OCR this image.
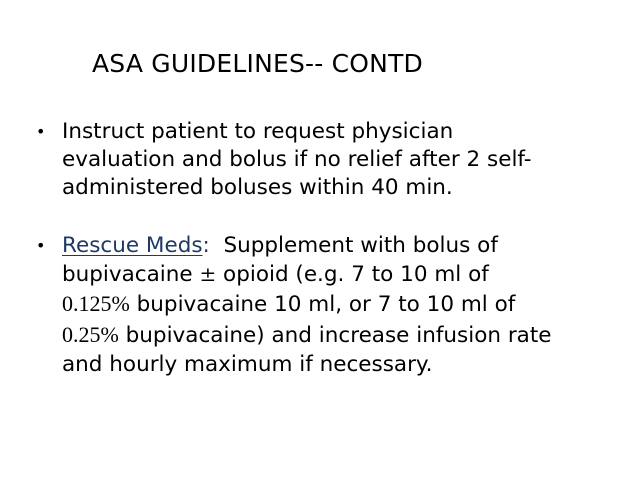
ASA GUIDELINES-- CONTD
• Instruct patient to request physician
evaluation and bolus if no relief after 2 self-
administered boluses within 40 min.
• Rescue Meds:  Supplement with bolus of
bupivacaine ± opioid (e.g. 7 to 10 ml of
0.125% bupivacaine 10 ml, or 7 to 10 ml of
0.25% bupivacaine) and increase infusion rate
and hourly maximum if necessary.
